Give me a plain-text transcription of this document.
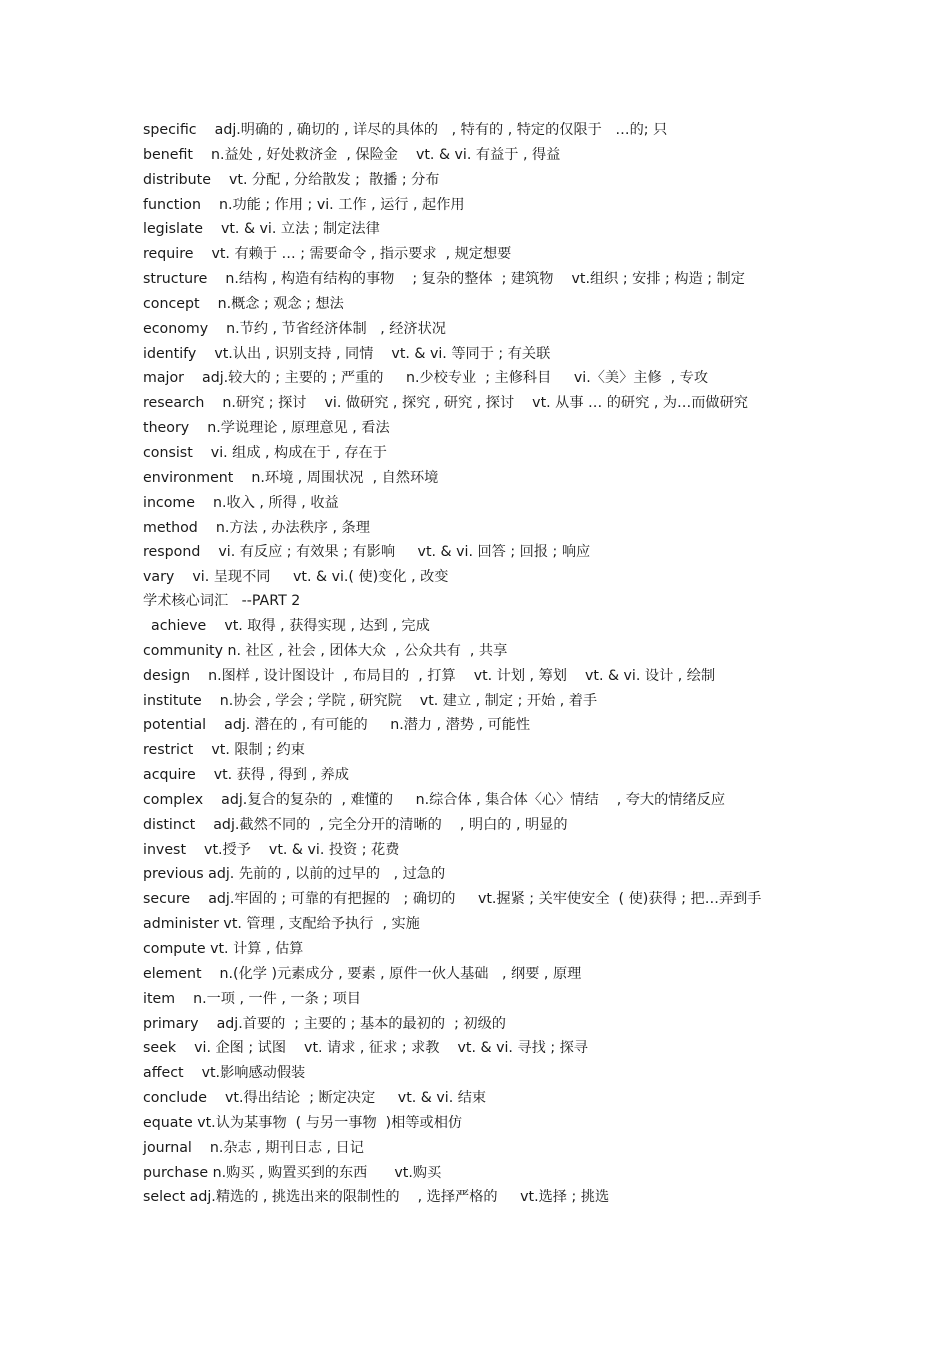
specific    adj.明确的 , 确切的 , 详尽的具体的   , 特有的 , 特定的仅限于   …的; 只
benefit    n.益处 , 好处救济金  , 保险金    vt. & vi. 有益于 , 得益
distribute    vt. 分配 , 分给散发 ;  散播 ; 分布
function    n.功能 ; 作用 ; vi. 工作 , 运行 , 起作用
legislate    vt. & vi. 立法 ; 制定法律
require    vt. 有赖于 … ; 需要命令 , 指示要求  , 规定想要
structure    n.结构 , 构造有结构的事物    ; 复杂的整体  ; 建筑物    vt.组织 ; 安排 ; 构造 ; 制定
concept    n.概念 ; 观念 ; 想法
economy    n.节约 , 节省经济体制   , 经济状况
identify    vt.认出 , 识别支持 , 同情    vt. & vi. 等同于 ; 有关联
major    adj.较大的 ; 主要的 ; 严重的     n.少校专业  ; 主修科目     vi.〈美〉主修  , 专攻
research    n.研究 ; 探讨    vi. 做研究 , 探究 , 研究 , 探讨    vt. 从事 … 的研究 , 为…而做研究
theory    n.学说理论 , 原理意见 , 看法
consist    vi. 组成 , 构成在于 , 存在于
environment    n.环境 , 周围状况  , 自然环境
income    n.收入 , 所得 , 收益
method    n.方法 , 办法秩序 , 条理
respond    vi. 有反应 ; 有效果 ; 有影响     vt. & vi. 回答 ; 回报 ; 响应
vary    vi. 呈现不同     vt. & vi.( 使)变化 , 改变
学术核心词汇   --PART 2
achieve    vt. 取得 , 获得实现 , 达到 , 完成
community n. 社区 , 社会 , 团体大众  , 公众共有  , 共享
design    n.图样 , 设计图设计  , 布局目的  , 打算    vt. 计划 , 筹划    vt. & vi. 设计 , 绘制
institute    n.协会 , 学会 ; 学院 , 研究院    vt. 建立 , 制定 ; 开始 , 着手
potential    adj. 潜在的 , 有可能的     n.潜力 , 潜势 , 可能性
restrict    vt. 限制 ; 约束
acquire    vt. 获得 , 得到 , 养成
complex    adj.复合的复杂的  , 难懂的     n.综合体 , 集合体〈心〉情结    , 夸大的情绪反应
distinct    adj.截然不同的  , 完全分开的清晰的    , 明白的 , 明显的
invest    vt.授予    vt. & vi. 投资 ; 花费
previous adj. 先前的 , 以前的过早的   , 过急的
secure    adj.牢固的 ; 可靠的有把握的   ; 确切的     vt.握紧 ; 关牢使安全  ( 使)获得 ; 把…弄到手
administer vt. 管理 , 支配给予执行  , 实施
compute vt. 计算 , 估算
element    n.(化学 )元素成分 , 要素 , 原件一伙人基础   , 纲要 , 原理
item    n.一项 , 一件 , 一条 ; 项目
primary    adj.首要的  ; 主要的 ; 基本的最初的  ; 初级的
seek    vi. 企图 ; 试图    vt. 请求 , 征求 ; 求教    vt. & vi. 寻找 ; 探寻
affect    vt.影响感动假装
conclude    vt.得出结论  ; 断定决定     vt. & vi. 结束
equate vt.认为某事物  ( 与另一事物  )相等或相仿
journal    n.杂志 , 期刊日志 , 日记
purchase n.购买 , 购置买到的东西      vt.购买
select adj.精选的 , 挑选出来的限制性的    , 选择严格的     vt.选择 ; 挑选
